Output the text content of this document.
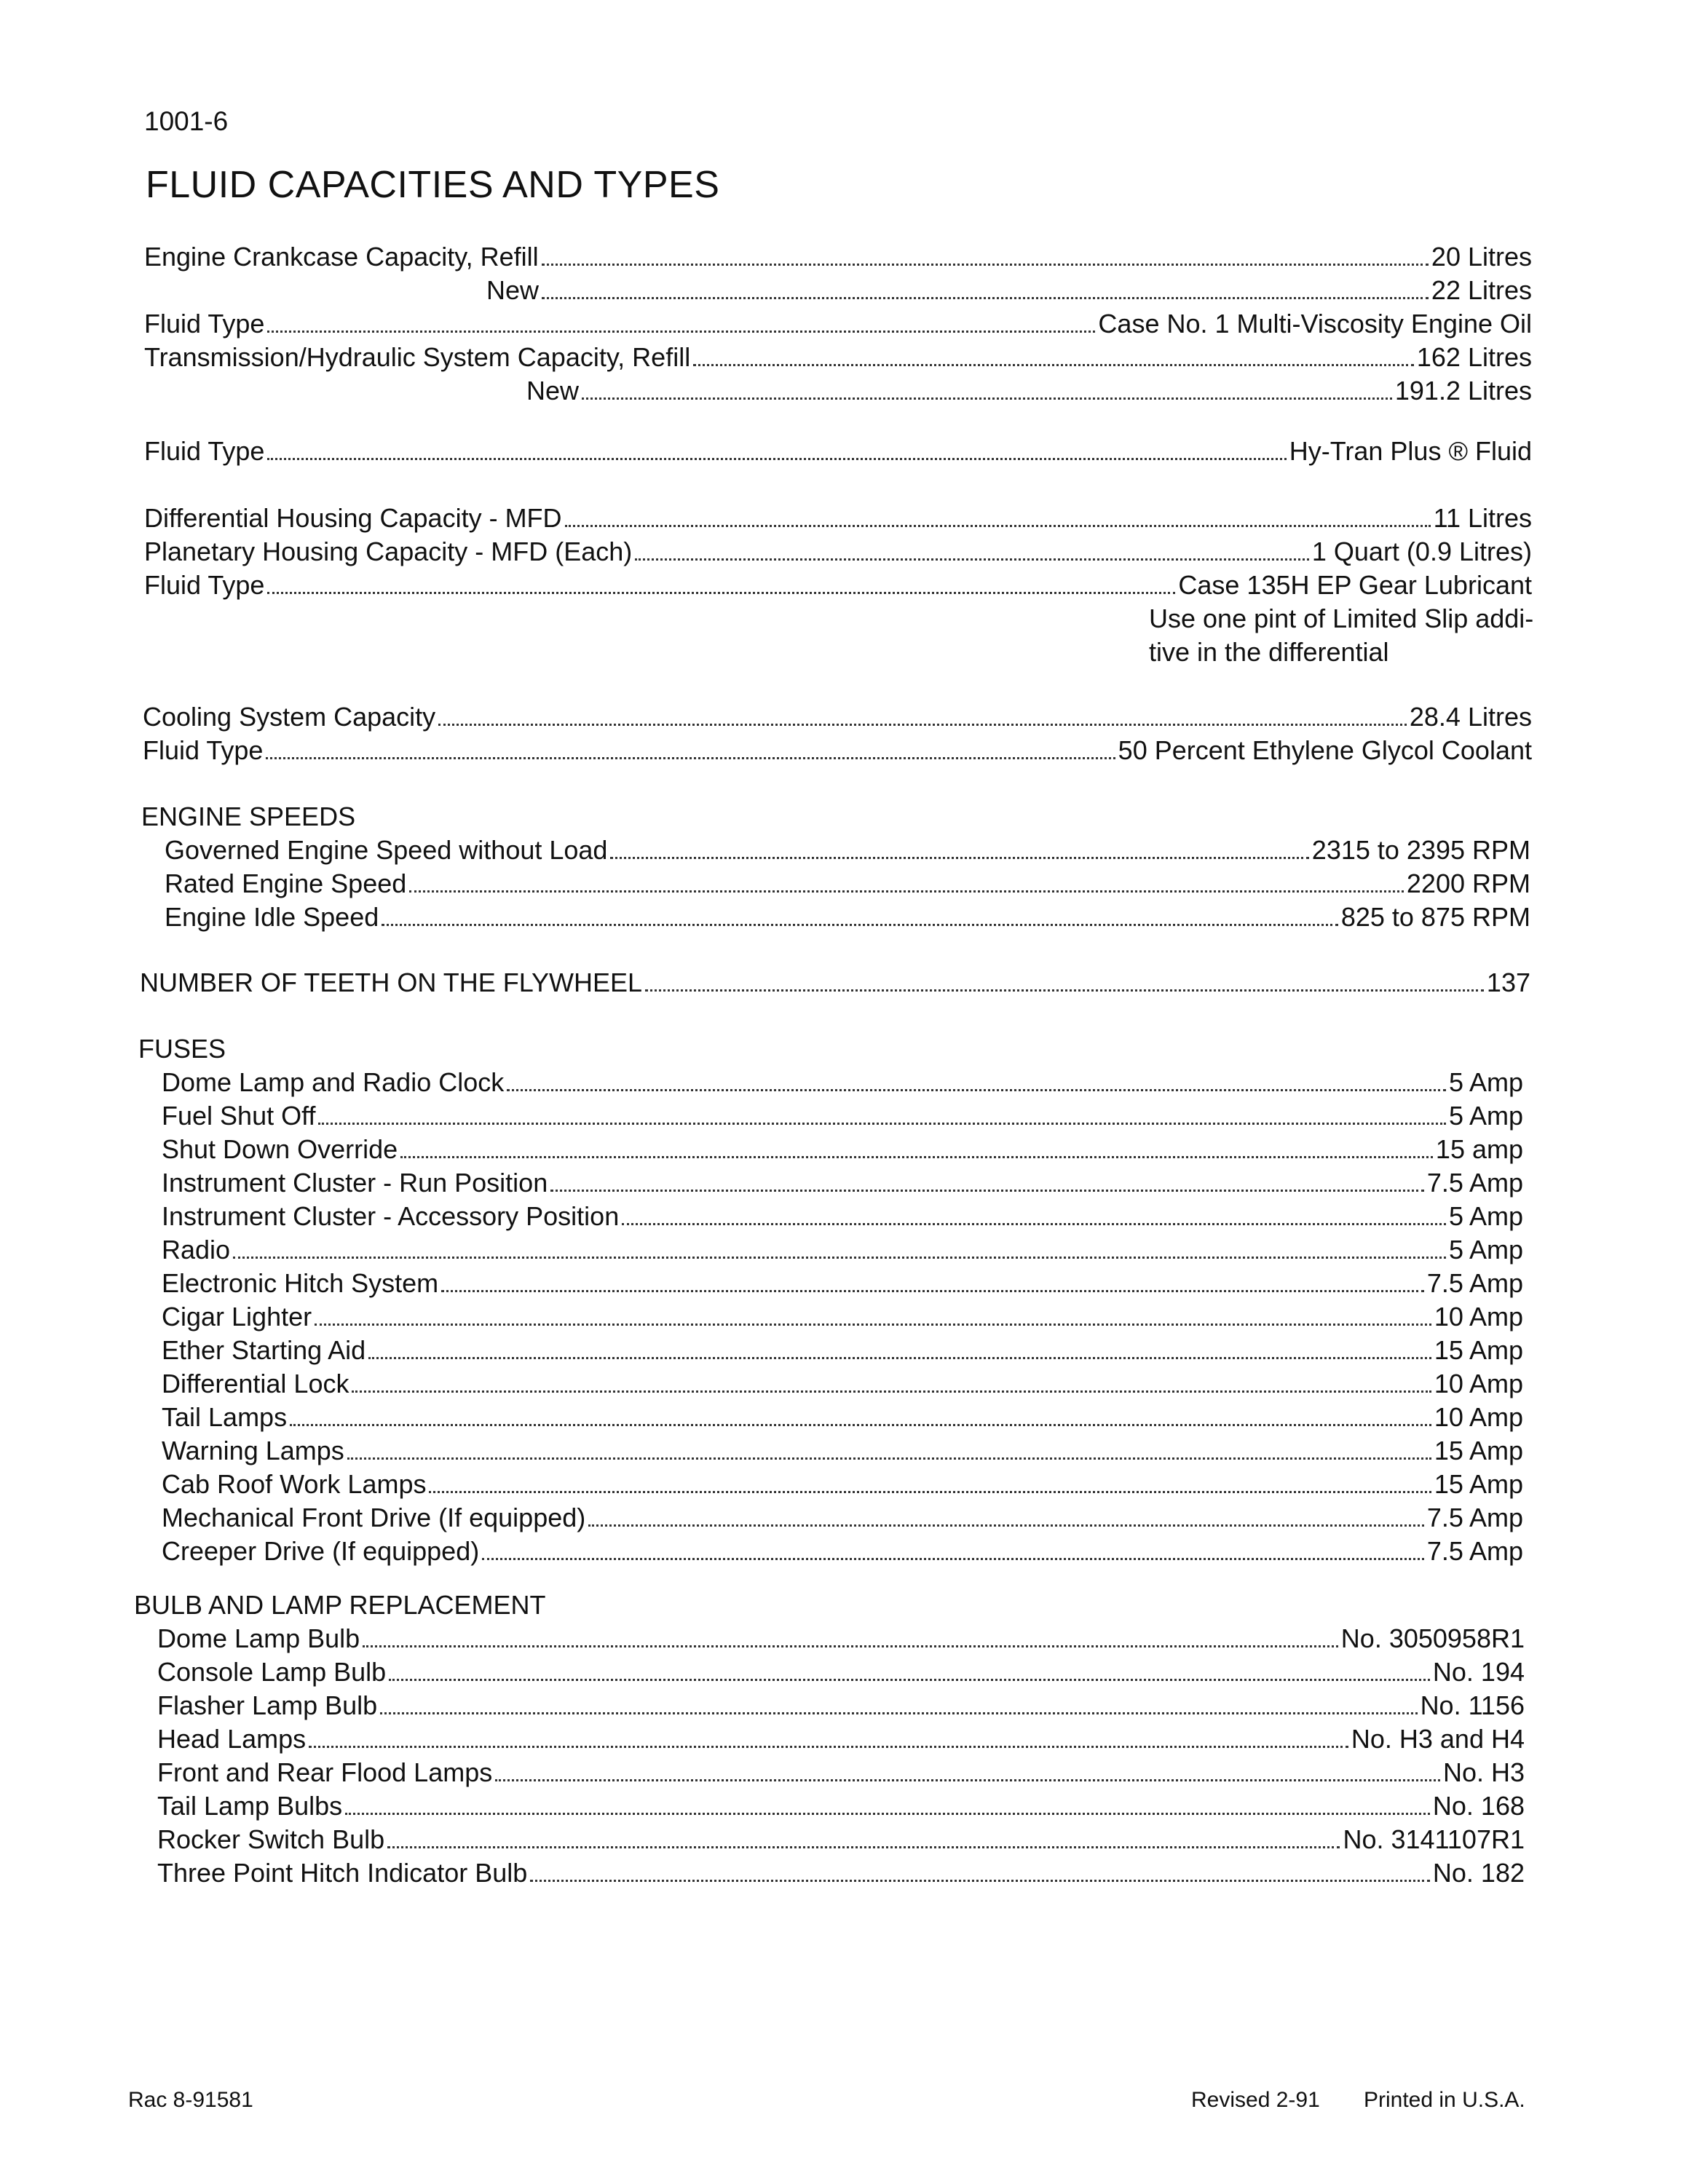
1001-6
FLUID CAPACITIES AND TYPES
Engine Crankcase Capacity, Refill	20 Litres
New	22 Litres
Fluid Type	Case No. 1 Multi-Viscosity Engine Oil
Transmission/Hydraulic System Capacity, Refill	162 Litres
New	191.2 Litres
Fluid Type	Hy-Tran Plus ® Fluid
Differential Housing Capacity - MFD	11 Litres
Planetary Housing Capacity - MFD (Each)	1 Quart (0.9 Litres)
Fluid Type	Case 135H EP Gear Lubricant
Use one pint of Limited Slip addi-
tive in the differential
Cooling System Capacity	28.4 Litres
Fluid Type	50 Percent Ethylene Glycol Coolant
ENGINE SPEEDS
Governed Engine Speed without Load	2315 to 2395 RPM
Rated Engine Speed	2200 RPM
Engine Idle Speed	825 to 875 RPM
NUMBER OF TEETH ON THE FLYWHEEL	137
FUSES
Dome Lamp and Radio Clock	5 Amp
Fuel Shut Off	5 Amp
Shut Down Override	15 amp
Instrument Cluster - Run Position	7.5 Amp
Instrument Cluster - Accessory Position	5 Amp
Radio	5 Amp
Electronic Hitch System	7.5 Amp
Cigar Lighter	10 Amp
Ether Starting Aid	15 Amp
Differential Lock	10 Amp
Tail Lamps	10 Amp
Warning Lamps	15 Amp
Cab Roof Work Lamps	15 Amp
Mechanical Front Drive (If equipped)	7.5 Amp
Creeper Drive (If equipped)	7.5 Amp
BULB AND LAMP REPLACEMENT
Dome Lamp Bulb	No. 3050958R1
Console Lamp Bulb	No. 194
Flasher Lamp Bulb	No. 1156
Head Lamps	No. H3 and H4
Front and Rear Flood Lamps	No. H3
Tail Lamp Bulbs	No. 168
Rocker Switch Bulb	No. 3141107R1
Three Point Hitch Indicator Bulb	No. 182
Rac 8-91581	Revised 2-91 Printed in U.S.A.
